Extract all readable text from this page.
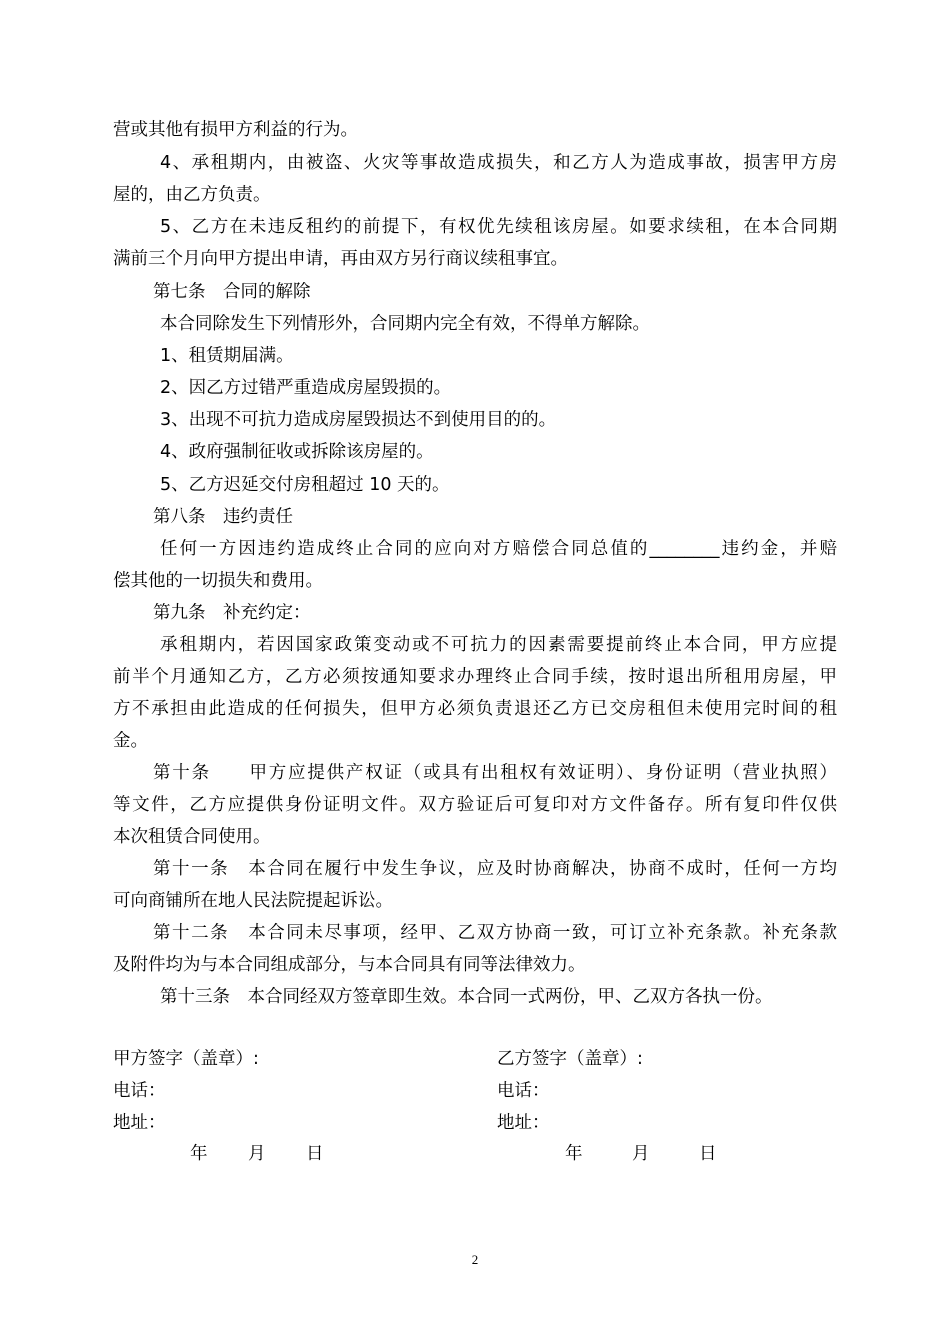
营或其他有损甲方利益的行为。
4、承租期内，由被盗、火灾等事故造成损失，和乙方人为造成事故，损害甲方房
屋的，由乙方负责。
5、乙方在未违反租约的前提下，有权优先续租该房屋。如要求续租，在本合同期
满前三个月向甲方提出申请，再由双方另行商议续租事宜。
第七条　合同的解除
本合同除发生下列情形外，合同期内完全有效，不得单方解除。
1、租赁期届满。
2、因乙方过错严重造成房屋毁损的。
3、出现不可抗力造成房屋毁损达不到使用目的的。
4、政府强制征收或拆除该房屋的。
5、乙方迟延交付房租超过 10 天的。
第八条　违约责任
任何一方因违约造成终止合同的应向对方赔偿合同总值的________违约金，并赔
偿其他的一切损失和费用。
第九条　补充约定：
承租期内，若因国家政策变动或不可抗力的因素需要提前终止本合同，甲方应提
前半个月通知乙方，乙方必须按通知要求办理终止合同手续，按时退出所租用房屋，甲
方不承担由此造成的任何损失，但甲方必须负责退还乙方已交房租但未使用完时间的租
金。
第十条　　甲方应提供产权证（或具有出租权有效证明）、身份证明（营业执照）
等文件，乙方应提供身份证明文件。双方验证后可复印对方文件备存。所有复印件仅供
本次租赁合同使用。
第十一条　本合同在履行中发生争议，应及时协商解决，协商不成时，任何一方均
可向商铺所在地人民法院提起诉讼。
第十二条　本合同未尽事项，经甲、乙双方协商一致，可订立补充条款。补充条款
及附件均为与本合同组成部分，与本合同具有同等法律效力。
第十三条　本合同经双方签章即生效。本合同一式两份，甲、乙双方各执一份。
甲方签字（盖章）:	乙方签字（盖章）:
电话：	电话：
地址：	地址：
年 月 日	年	月	日
2
